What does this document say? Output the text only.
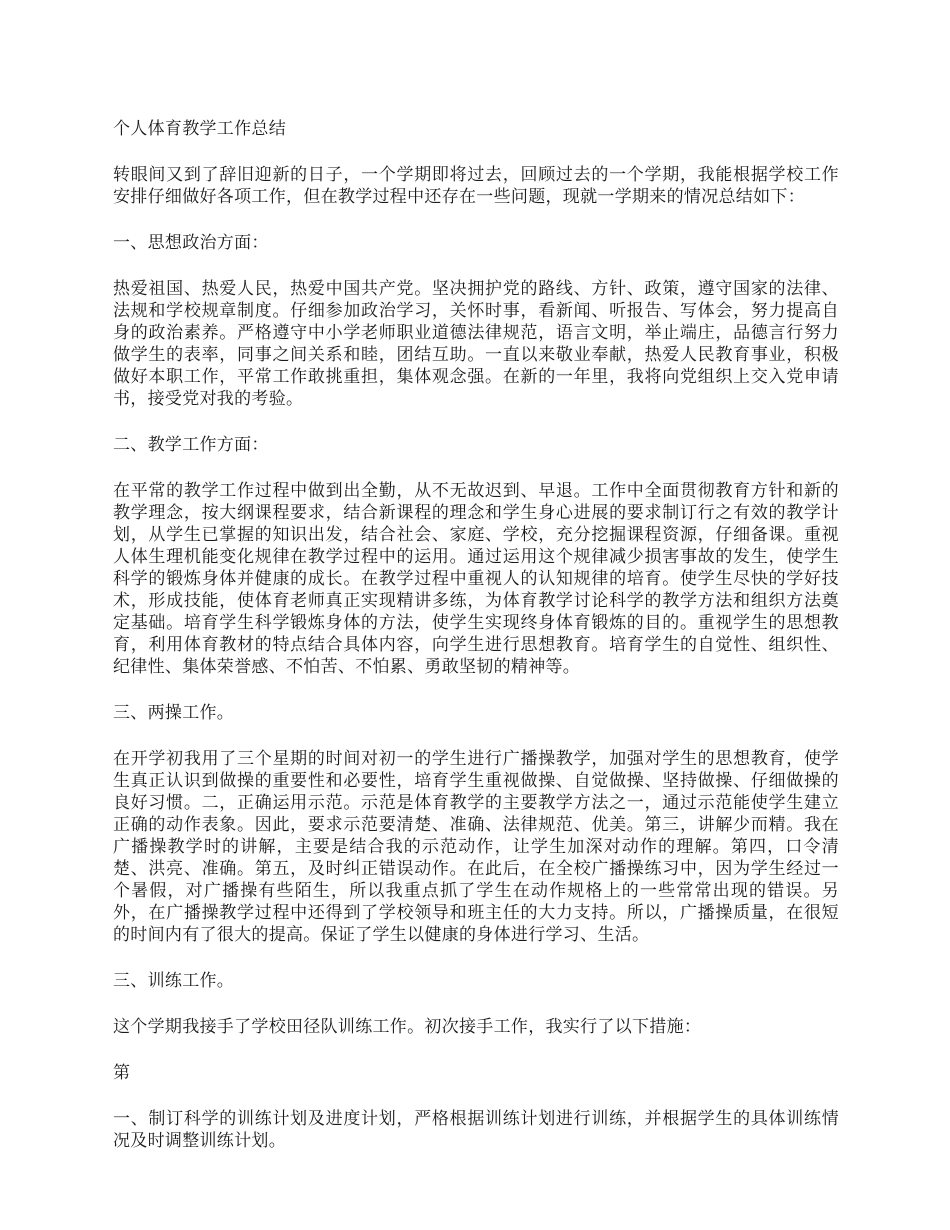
个人体育教学工作总结

转眼间又到了辞旧迎新的日子，一个学期即将过去，回顾过去的一个学期，我能根据学校工作安排仔细做好各项工作，但在教学过程中还存在一些问题，现就一学期来的情况总结如下：

一、思想政治方面：

热爱祖国、热爱人民，热爱中国共产党。坚决拥护党的路线、方针、政策，遵守国家的法律、法规和学校规章制度。仔细参加政治学习，关怀时事，看新闻、听报告、写体会，努力提高自身的政治素养。严格遵守中小学老师职业道德法律规范，语言文明，举止端庄，品德言行努力做学生的表率，同事之间关系和睦，团结互助。一直以来敬业奉献，热爱人民教育事业，积极做好本职工作，平常工作敢挑重担，集体观念强。在新的一年里，我将向党组织上交入党申请书，接受党对我的考验。

二、教学工作方面：

在平常的教学工作过程中做到出全勤，从不无故迟到、早退。工作中全面贯彻教育方针和新的教学理念，按大纲课程要求，结合新课程的理念和学生身心进展的要求制订行之有效的教学计划，从学生已掌握的知识出发，结合社会、家庭、学校，充分挖掘课程资源，仔细备课。重视人体生理机能变化规律在教学过程中的运用。通过运用这个规律减少损害事故的发生，使学生科学的锻炼身体并健康的成长。在教学过程中重视人的认知规律的培育。使学生尽快的学好技术，形成技能，使体育老师真正实现精讲多练，为体育教学讨论科学的教学方法和组织方法奠定基础。培育学生科学锻炼身体的方法，使学生实现终身体育锻炼的目的。重视学生的思想教育，利用体育教材的特点结合具体内容，向学生进行思想教育。培育学生的自觉性、组织性、纪律性、集体荣誉感、不怕苦、不怕累、勇敢坚韧的精神等。

三、两操工作。

在开学初我用了三个星期的时间对初一的学生进行广播操教学，加强对学生的思想教育，使学生真正认识到做操的重要性和必要性，培育学生重视做操、自觉做操、坚持做操、仔细做操的良好习惯。二，正确运用示范。示范是体育教学的主要教学方法之一，通过示范能使学生建立正确的动作表象。因此，要求示范要清楚、准确、法律规范、优美。第三，讲解少而精。我在广播操教学时的讲解，主要是结合我的示范动作，让学生加深对动作的理解。第四，口令清楚、洪亮、准确。第五，及时纠正错误动作。在此后，在全校广播操练习中，因为学生经过一个暑假，对广播操有些陌生，所以我重点抓了学生在动作规格上的一些常常出现的错误。另外，在广播操教学过程中还得到了学校领导和班主任的大力支持。所以，广播操质量，在很短的时间内有了很大的提高。保证了学生以健康的身体进行学习、生活。

三、训练工作。

这个学期我接手了学校田径队训练工作。初次接手工作，我实行了以下措施：

第

一、制订科学的训练计划及进度计划，严格根据训练计划进行训练，并根据学生的具体训练情况及时调整训练计划。
